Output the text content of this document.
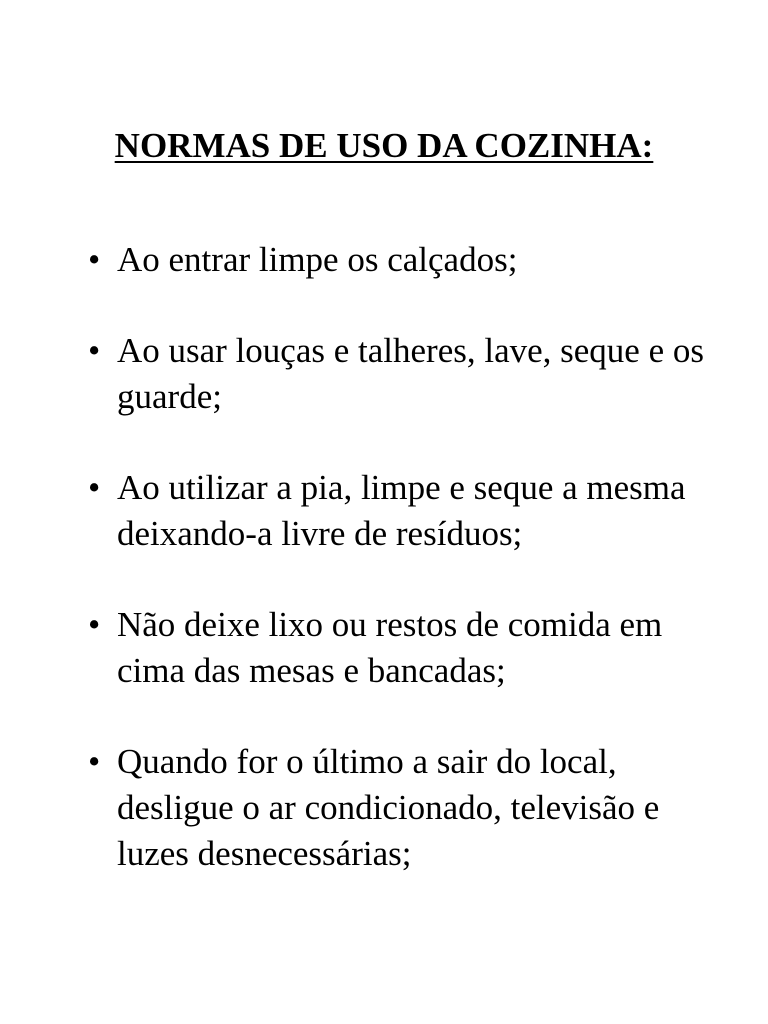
NORMAS DE USO DA COZINHA:
• Ao entrar limpe os calçados;
• Ao usar louças e talheres, lave, seque e os guarde;
• Ao utilizar a pia, limpe e seque a mesma deixando-a livre de resíduos;
• Não deixe lixo ou restos de comida em cima das mesas e bancadas;
• Quando for o último a sair do local, desligue o ar condicionado, televisão e luzes desnecessárias;
